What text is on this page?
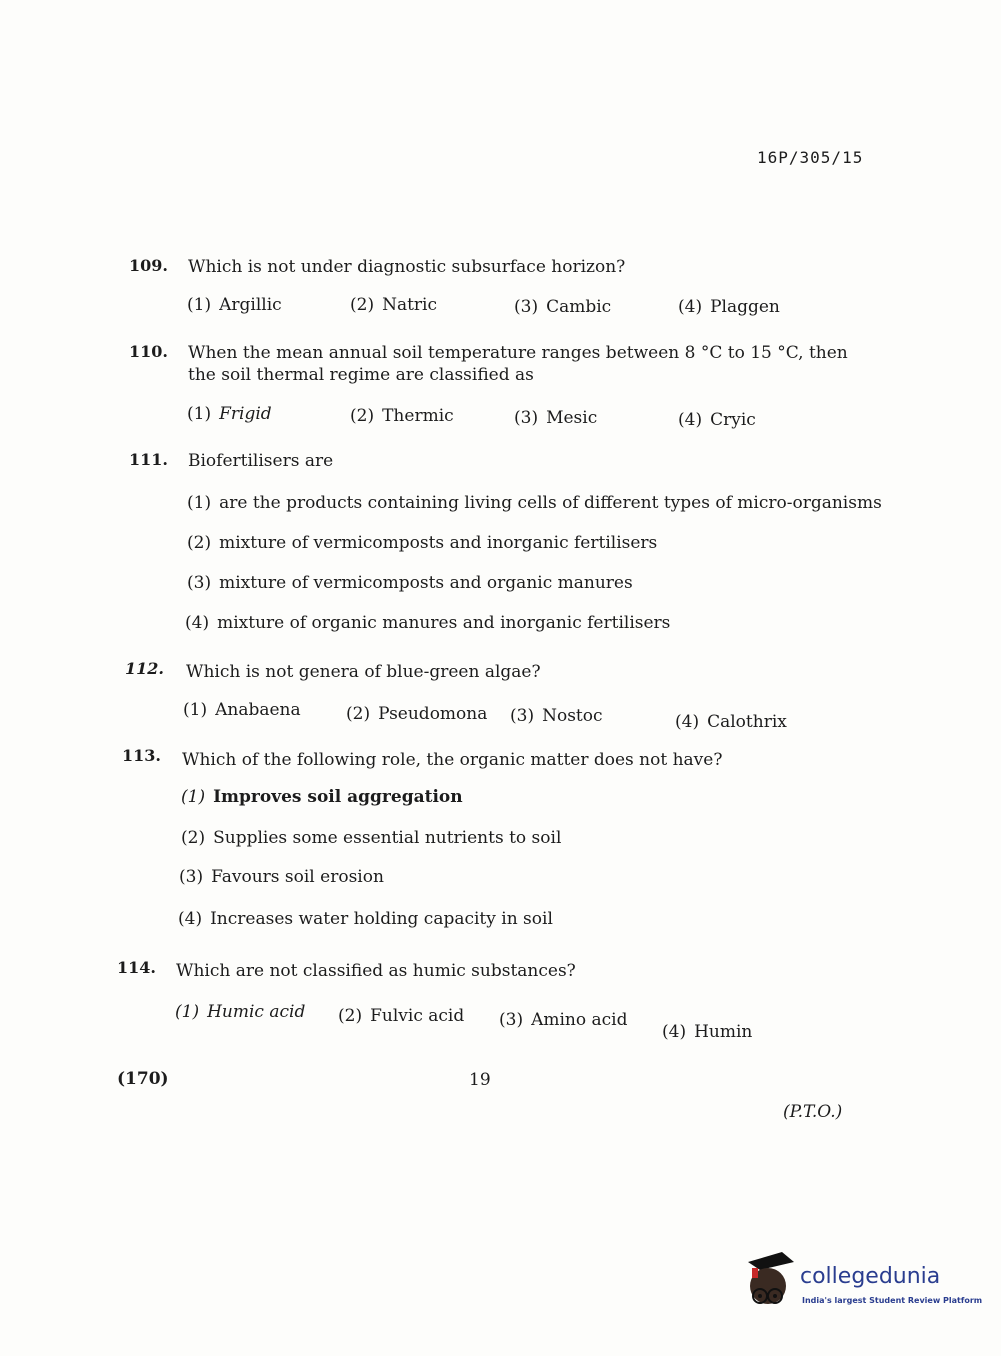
16P/305/15
109. Which is not under diagnostic subsurface horizon?
(1) Argillic	(2) Natric	(3) Cambic	(4) Plaggen
110. When the mean annual soil temperature ranges between 8 °C to 15 °C, then the soil thermal regime are classified as
(1) Frigid	(2) Thermic	(3) Mesic	(4) Cryic
111. Biofertilisers are
(1) are the products containing living cells of different types of micro-organisms
(2) mixture of vermicomposts and inorganic fertilisers
(3) mixture of vermicomposts and organic manures
(4) mixture of organic manures and inorganic fertilisers
112. Which is not genera of blue-green algae?
(1) Anabaena	(2) Pseudomona (3) Nostoc	(4) Calothrix
113. Which of the following role, the organic matter does not have?
(1) Improves soil aggregation
(2) Supplies some essential nutrients to soil
(3) Favours soil erosion
(4) Increases water holding capacity in soil
114. Which are not classified as humic substances?
(1) Humic acid (2) Fulvic acid (3) Amino acid
(4) Humin
(170)	19
(P.T.O.)
collegedunia
India's largest Student Review Platform
